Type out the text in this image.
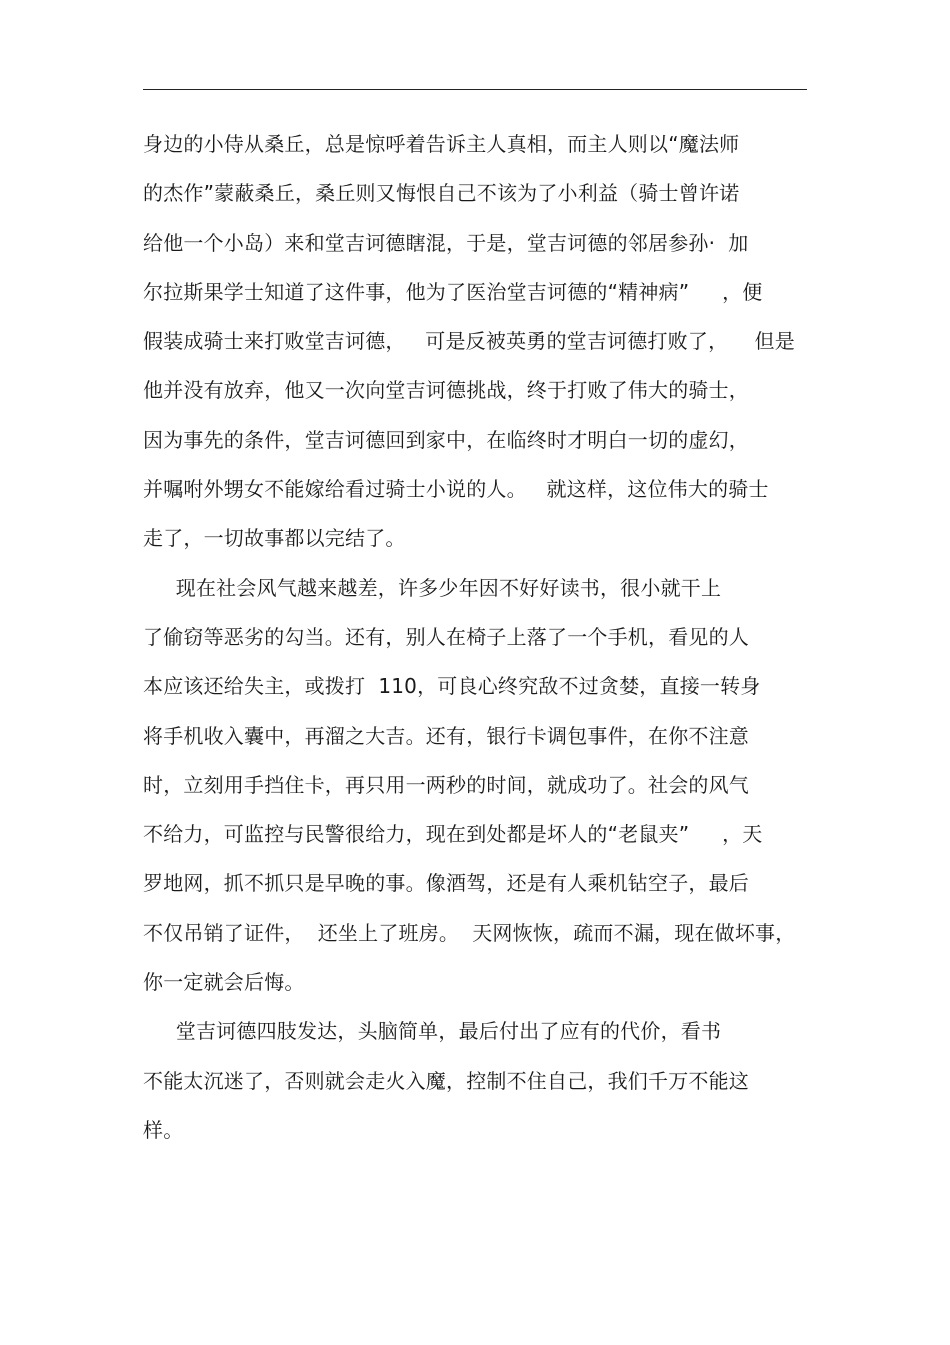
身边的小侍从桑丘，总是惊呼着告诉主人真相，而主人则以“魔法师
的杰作”蒙蔽桑丘，桑丘则又悔恨自己不该为了小利益（骑士曾许诺
给他一个小岛）来和堂吉诃德瞎混，于是，堂吉诃德的邻居参孙·  加
尔拉斯果学士知道了这件事，他为了医治堂吉诃德的“精神病”     ，便
假装成骑士来打败堂吉诃德，   可是反被英勇的堂吉诃德打败了，    但是
他并没有放弃，他又一次向堂吉诃德挑战，终于打败了伟大的骑士，
因为事先的条件，堂吉诃德回到家中，在临终时才明白一切的虚幻，
并嘱咐外甥女不能嫁给看过骑士小说的人。   就这样，这位伟大的骑士
走了，一切故事都以完结了。
现在社会风气越来越差，许多少年因不好好读书，很小就干上
了偷窃等恶劣的勾当。还有，别人在椅子上落了一个手机，看见的人
本应该还给失主，或拨打  110，可良心终究敌不过贪婪，直接一转身
将手机收入囊中，再溜之大吉。还有，银行卡调包事件，在你不注意
时，立刻用手挡住卡，再只用一两秒的时间，就成功了。社会的风气
不给力，可监控与民警很给力，现在到处都是坏人的“老鼠夹”     ，天
罗地网，抓不抓只是早晚的事。像酒驾，还是有人乘机钻空子，最后
不仅吊销了证件，  还坐上了班房。  天网恢恢，疏而不漏，现在做坏事，
你一定就会后悔。
堂吉诃德四肢发达，头脑简单，最后付出了应有的代价，看书
不能太沉迷了，否则就会走火入魔，控制不住自己，我们千万不能这
样。
